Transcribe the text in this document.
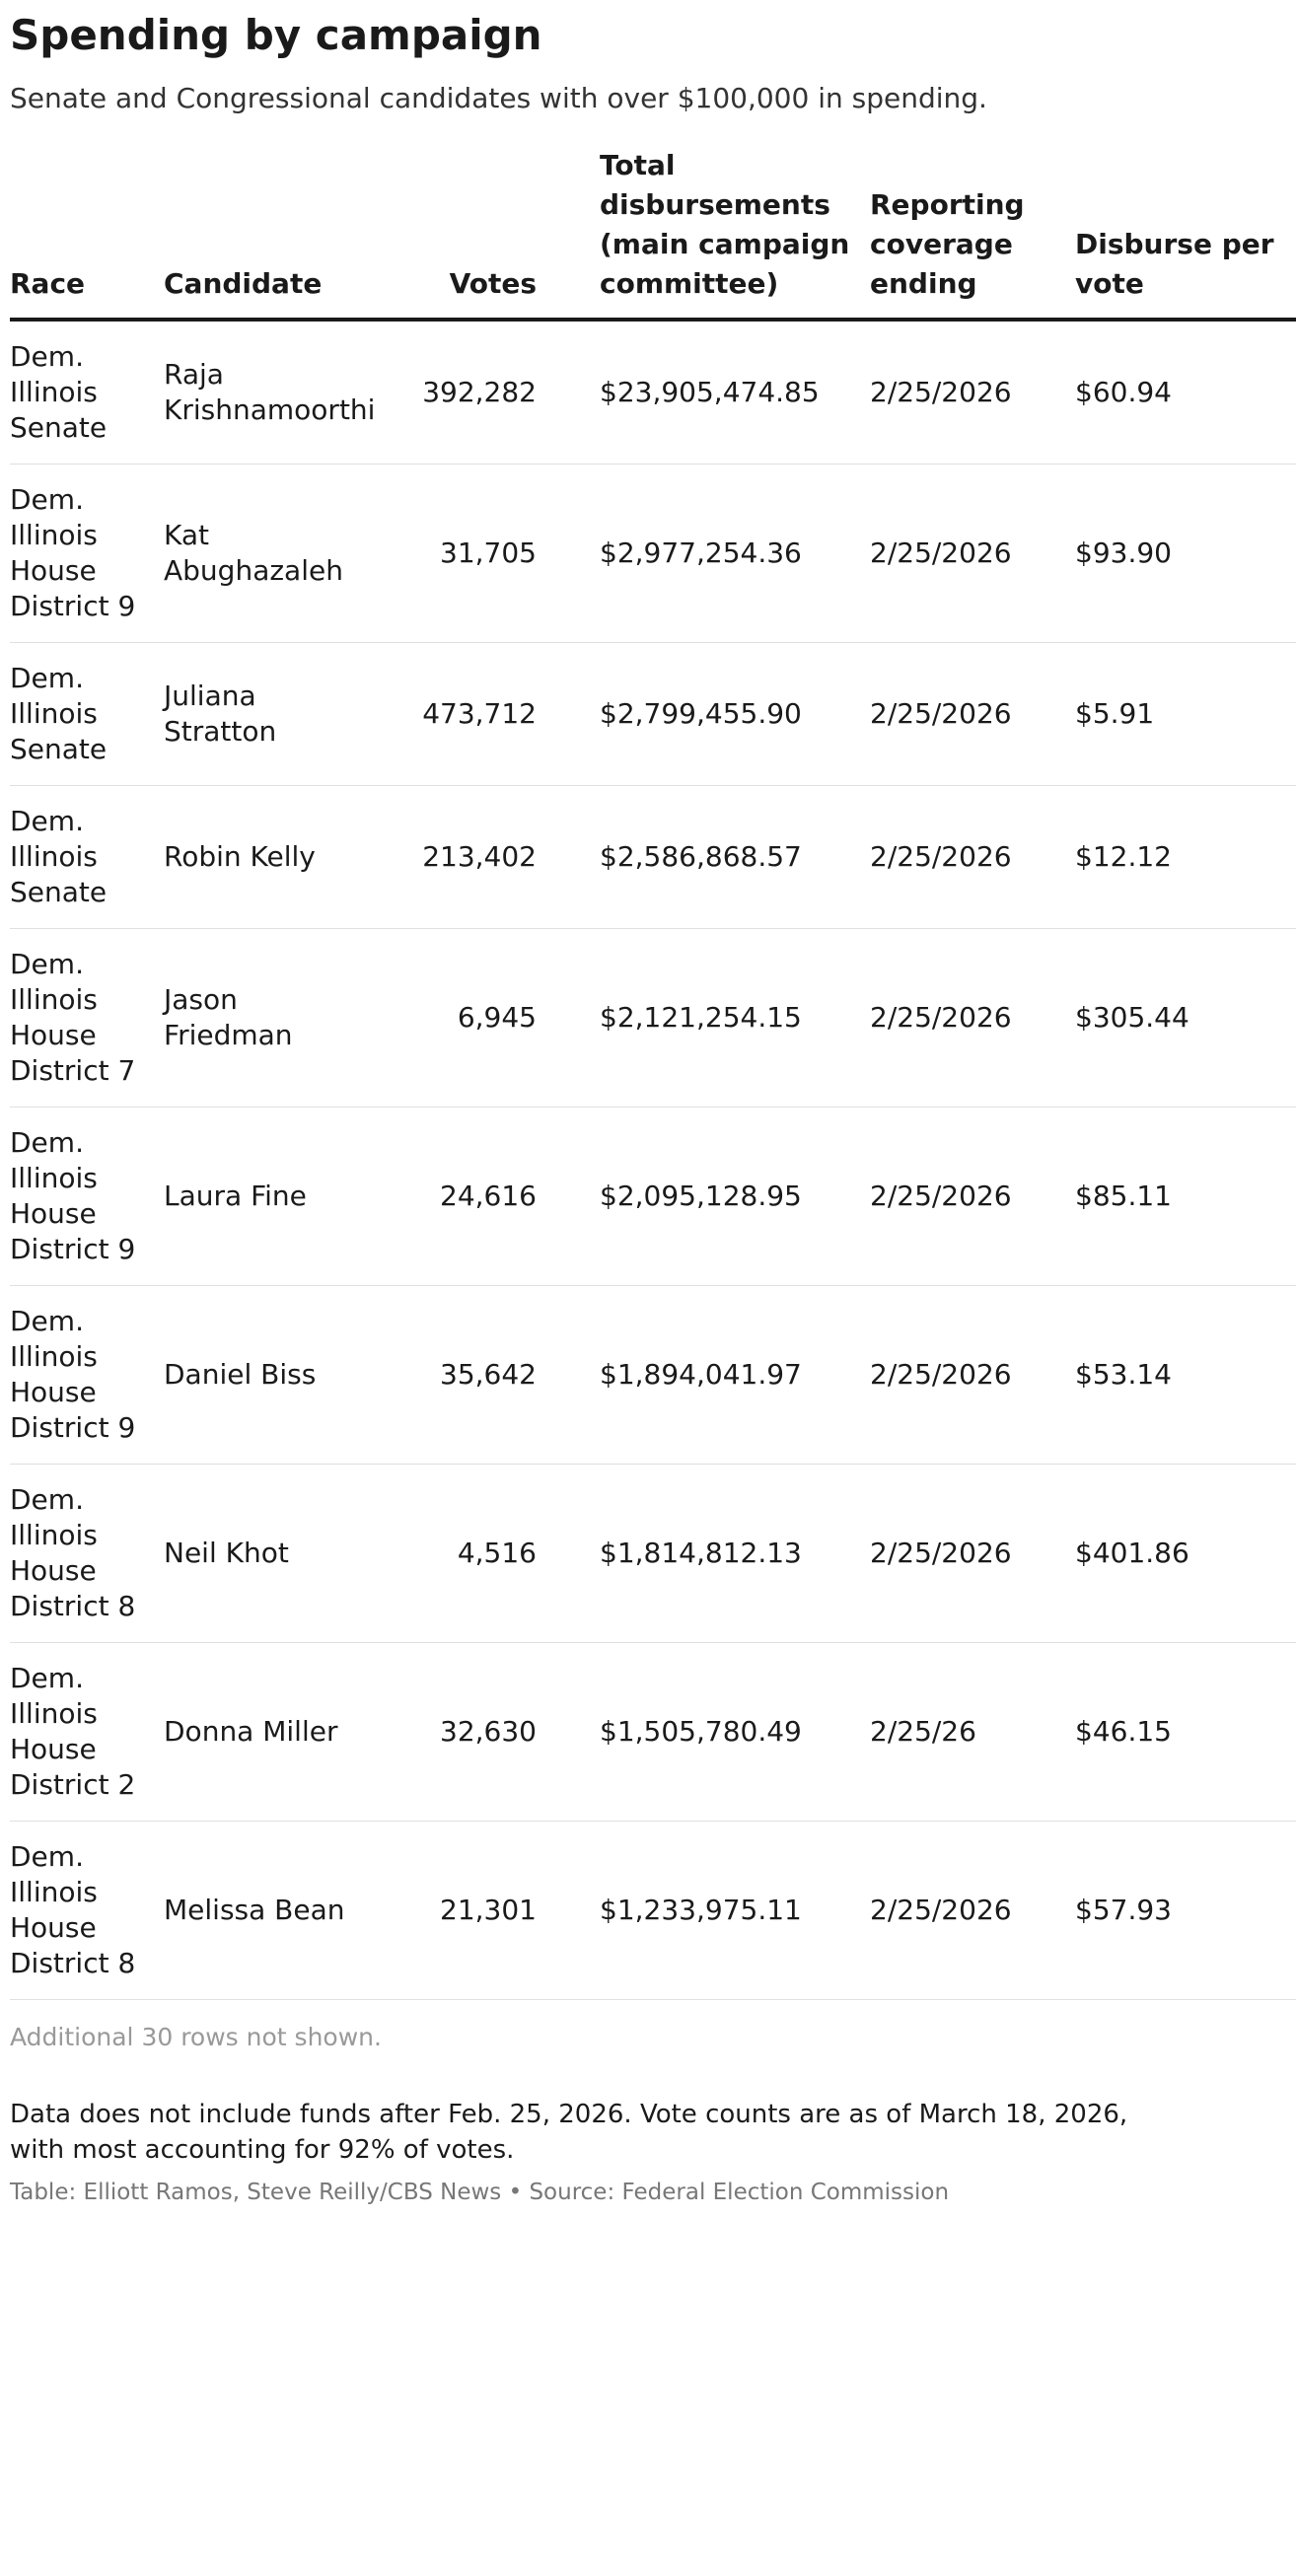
Spending by campaign
Senate and Congressional candidates with over $100,000 in spending.
Race	Candidate	Votes	Total disbursements (main campaign committee)	Reporting coverage ending	Disburse per vote
Dem. Illinois Senate	Raja Krishnamoorthi	392,282	$23,905,474.85	2/25/2026	$60.94
Dem. Illinois House District 9	Kat Abughazaleh	31,705	$2,977,254.36	2/25/2026	$93.90
Dem. Illinois Senate	Juliana Stratton	473,712	$2,799,455.90	2/25/2026	$5.91
Dem. Illinois Senate	Robin Kelly	213,402	$2,586,868.57	2/25/2026	$12.12
Dem. Illinois House District 7	Jason Friedman	6,945	$2,121,254.15	2/25/2026	$305.44
Dem. Illinois House District 9	Laura Fine	24,616	$2,095,128.95	2/25/2026	$85.11
Dem. Illinois House District 9	Daniel Biss	35,642	$1,894,041.97	2/25/2026	$53.14
Dem. Illinois House District 8	Neil Khot	4,516	$1,814,812.13	2/25/2026	$401.86
Dem. Illinois House District 2	Donna Miller	32,630	$1,505,780.49	2/25/26	$46.15
Dem. Illinois House District 8	Melissa Bean	21,301	$1,233,975.11	2/25/2026	$57.93
Additional 30 rows not shown.
Data does not include funds after Feb. 25, 2026. Vote counts are as of March 18, 2026, with most accounting for 92% of votes.
Table: Elliott Ramos, Steve Reilly/CBS News • Source: Federal Election Commission
